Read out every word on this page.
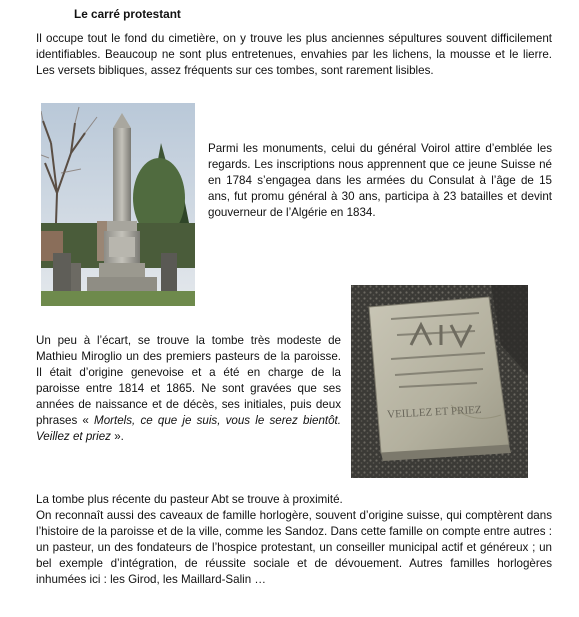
Le carré protestant

Il occupe tout le fond du cimetière, on y trouve les plus anciennes sépultures souvent difficilement identifiables. Beaucoup ne sont plus entretenues, envahies par les lichens, la mousse et le lierre. Les versets bibliques, assez fréquents sur ces tombes, sont rarement lisibles.

Parmi les monuments, celui du général Voirol attire d’emblée les regards. Les inscriptions nous apprennent que ce jeune Suisse né en 1784 s’engagea dans les armées du Consulat à l’âge de 15 ans, fut promu général à 30 ans, participa à 23 batailles et devint gouverneur de l’Algérie en 1834.

Un peu à l’écart, se trouve la tombe très modeste de Mathieu Miroglio un des premiers pasteurs de la paroisse. Il était d’origine genevoise et a été en charge de la paroisse entre 1814 et 1865. Ne sont gravées que ses années de naissance et de décès, ses initiales, puis deux phrases « Mortels, ce que je suis, vous le serez bientôt. Veillez et priez ».

VEILLEZ ET PRIEZ

La tombe plus récente du pasteur Abt se trouve à proximité.
On reconnaît aussi des caveaux de famille horlogère, souvent d’origine suisse, qui comptèrent dans l’histoire de la paroisse et de la ville, comme les Sandoz. Dans cette famille on compte entre autres : un pasteur, un des fondateurs de l’hospice protestant, un conseiller municipal actif et généreux ; un bel exemple d’intégration, de réussite sociale et de dévouement. Autres familles horlogères inhumées ici : les Girod, les Maillard-Salin …
